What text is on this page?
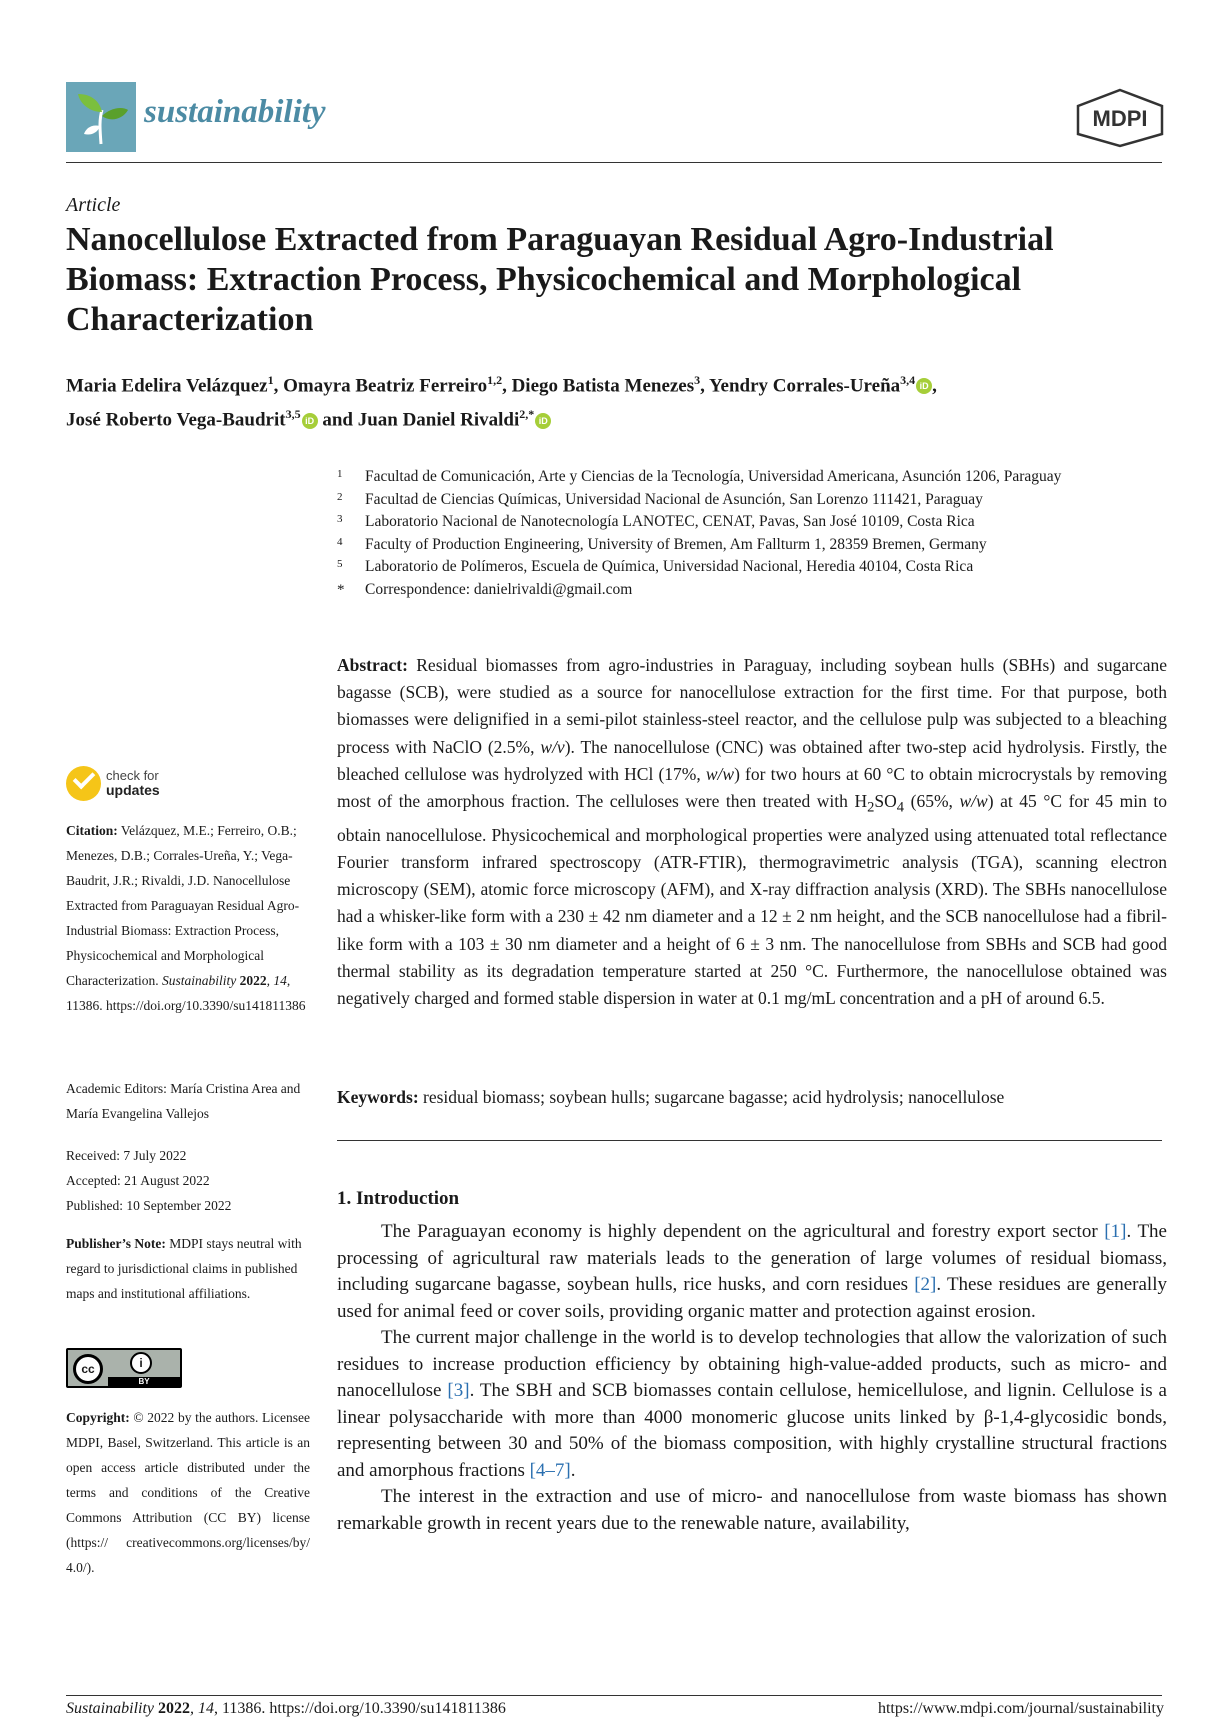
sustainability	MDPI
Article
Nanocellulose Extracted from Paraguayan Residual Agro-Industrial Biomass: Extraction Process, Physicochemical and Morphological Characterization
Maria Edelira Velázquez$^1$, Omayra Beatriz Ferreiro$^{1,2}$, Diego Batista Menezes$^3$, Yendry Corrales-Ureña$^{3,4}$ iD ,
José Roberto Vega-Baudrit$^{3,5}$ iD and Juan Daniel Rivaldi$^{2,*}$ iD
1 Facultad de Comunicación, Arte y Ciencias de la Tecnología, Universidad Americana, Asunción 1206, Paraguay
2 Facultad de Ciencias Químicas, Universidad Nacional de Asunción, San Lorenzo 111421, Paraguay
3 Laboratorio Nacional de Nanotecnología LANOTEC, CENAT, Pavas, San José 10109, Costa Rica
4 Faculty of Production Engineering, University of Bremen, Am Fallturm 1, 28359 Bremen, Germany
5 Laboratorio de Polímeros, Escuela de Química, Universidad Nacional, Heredia 40104, Costa Rica
* Correspondence: danielrivaldi@gmail.com
Abstract: Residual biomasses from agro-industries in Paraguay, including soybean hulls (SBHs) and sugarcane bagasse (SCB), were studied as a source for nanocellulose extraction for the first time. For that purpose, both biomasses were delignified in a semi-pilot stainless-steel reactor, and the cellulose pulp was subjected to a bleaching process with NaClO (2.5%, w/v). The nanocellulose (CNC) was obtained after two-step acid hydrolysis. Firstly, the bleached cellulose was hydrolyzed with HCl (17%, w/w) for two hours at 60 °C to obtain microcrystals by removing most of the amorphous fraction. The celluloses were then treated with $H_2SO_4$ (65%, w/w) at 45 °C for 45 min to obtain nanocellulose. Physicochemical and morphological properties were analyzed using attenuated total reflectance Fourier transform infrared spectroscopy (ATR-FTIR), thermogravimetric analysis (TGA), scanning electron microscopy (SEM), atomic force microscopy (AFM), and X-ray diffraction analysis (XRD). The SBHs nanocellulose had a whisker-like form with a 230 ± 42 nm diameter and a 12 ± 2 nm height, and the SCB nanocellulose had a fibril-like form with a 103 ± 30 nm diameter and a height of 6 ± 3 nm. The nanocellulose from SBHs and SCB had good thermal stability as its degradation temperature started at 250 °C. Furthermore, the nanocellulose obtained was negatively charged and formed stable dispersion in water at 0.1 mg/mL concentration and a pH of around 6.5.
Keywords: residual biomass; soybean hulls; sugarcane bagasse; acid hydrolysis; nanocellulose
1. Introduction

The Paraguayan economy is highly dependent on the agricultural and forestry export sector [1]. The processing of agricultural raw materials leads to the generation of large volumes of residual biomass, including sugarcane bagasse, soybean hulls, rice husks, and corn residues [2]. These residues are generally used for animal feed or cover soils, providing organic matter and protection against erosion.

The current major challenge in the world is to develop technologies that allow the valorization of such residues to increase production efficiency by obtaining high-value-added products, such as micro- and nanocellulose [3]. The SBH and SCB biomasses contain cellulose, hemicellulose, and lignin. Cellulose is a linear polysaccharide with more than 4000 monomeric glucose units linked by β-1,4-glycosidic bonds, representing between 30 and 50% of the biomass composition, with highly crystalline structural fractions and amorphous fractions [4–7].

The interest in the extraction and use of micro- and nanocellulose from waste biomass has shown remarkable growth in recent years due to the renewable nature, availability,

check for
updates
Citation: Velázquez, M.E.; Ferreiro, O.B.; Menezes, D.B.; Corrales-Ureña, Y.; Vega-Baudrit, J.R.; Rivaldi, J.D. Nanocellulose Extracted from Paraguayan Residual Agro-Industrial Biomass: Extraction Process, Physicochemical and Morphological Characterization. Sustainability 2022, 14, 11386. https://doi.org/10.3390/su141811386
Academic Editors: María Cristina Area and María Evangelina Vallejos
Received: 7 July 2022
Accepted: 21 August 2022
Published: 10 September 2022
Publisher’s Note: MDPI stays neutral with regard to jurisdictional claims in published maps and institutional affiliations.
cc	i
BY
Copyright: © 2022 by the authors. Licensee MDPI, Basel, Switzerland. This article is an open access article distributed under the terms and conditions of the Creative Commons Attribution (CC BY) license (https:// creativecommons.org/licenses/by/ 4.0/).
Sustainability 2022, 14, 11386. https://doi.org/10.3390/su141811386	https://www.mdpi.com/journal/sustainability
